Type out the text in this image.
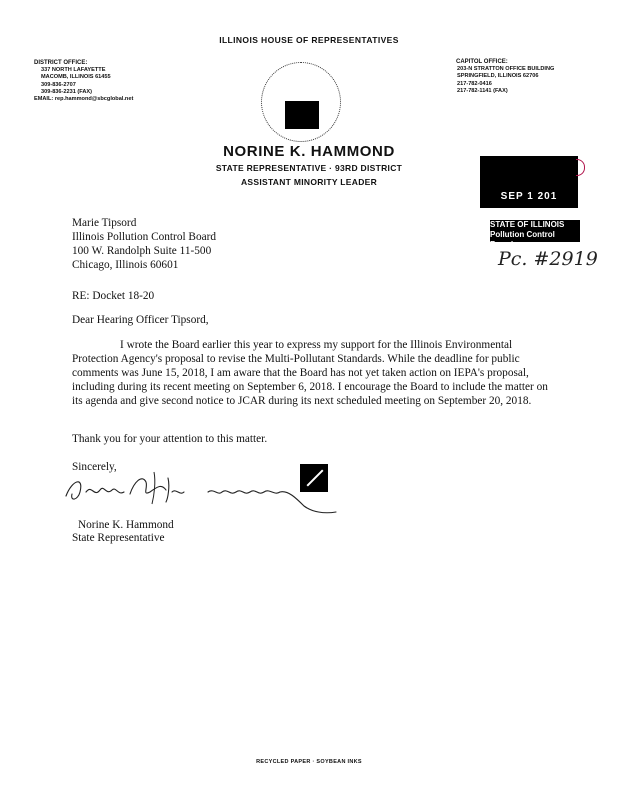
ILLINOIS HOUSE OF REPRESENTATIVES
DISTRICT OFFICE:
337 NORTH LAFAYETTE
MACOMB, ILLINOIS 61455
309-836-2707
309-836-2231 (FAX)
EMAIL: rep.hammond@sbcglobal.net
CAPITOL OFFICE:
203-N STRATTON OFFICE BUILDING
SPRINGFIELD, ILLINOIS 62706
217-782-0416
217-782-1141 (FAX)
NORINE K. HAMMOND
STATE REPRESENTATIVE · 93RD DISTRICT
ASSISTANT MINORITY LEADER
SEP 1 201
STATE OF ILLINOIS
Pollution Control Board
Pc. #2919
Marie Tipsord
Illinois Pollution Control Board
100 W. Randolph Suite 11-500
Chicago, Illinois 60601
RE: Docket 18-20
Dear Hearing Officer Tipsord,
I wrote the Board earlier this year to express my support for the Illinois Environmental Protection Agency's proposal to revise the Multi-Pollutant Standards. While the deadline for public comments was June 15, 2018, I am aware that the Board has not yet taken action on IEPA's proposal, including during its recent meeting on September 6, 2018. I encourage the Board to include the matter on its agenda and give second notice to JCAR during its next scheduled meeting on September 20, 2018.
Thank you for your attention to this matter.
Sincerely,
Norine K. Hammond
State Representative
RECYCLED PAPER · SOYBEAN INKS
